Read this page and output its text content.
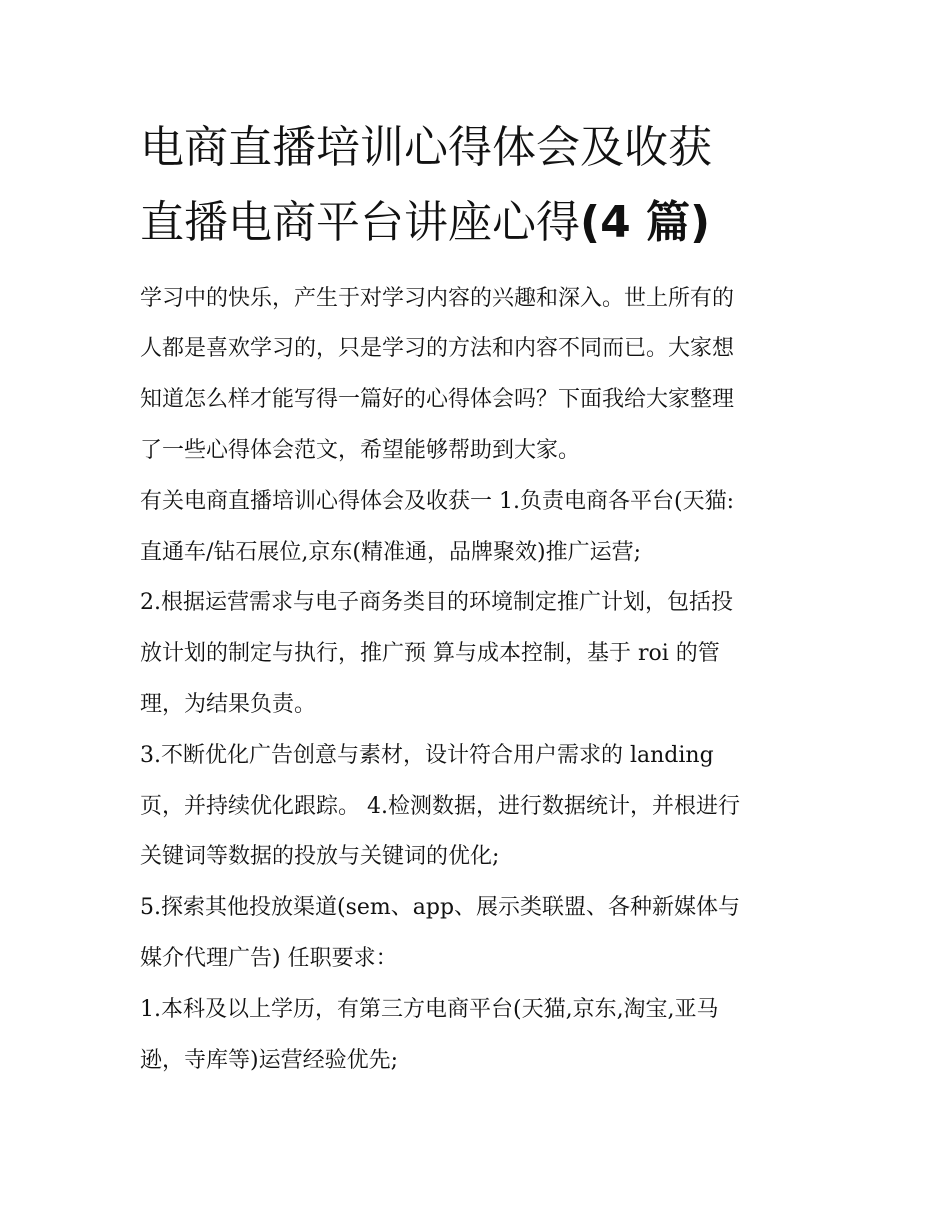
电商直播培训心得体会及收获
直播电商平台讲座心得(4 篇)
学习中的快乐，产生于对学习内容的兴趣和深入。世上所有的
人都是喜欢学习的，只是学习的方法和内容不同而已。大家想
知道怎么样才能写得一篇好的心得体会吗？下面我给大家整理
了一些心得体会范文，希望能够帮助到大家。
有关电商直播培训心得体会及收获一 1.负责电商各平台(天猫:
直通车/钻石展位,京东(精准通，品牌聚效)推广运营;
2.根据运营需求与电子商务类目的环境制定推广计划，包括投
放计划的制定与执行，推广预 算与成本控制，基于 roi 的管
理，为结果负责。
3.不断优化广告创意与素材，设计符合用户需求的 landing
页，并持续优化跟踪。 4.检测数据，进行数据统计，并根进行
关键词等数据的投放与关键词的优化;
5.探索其他投放渠道(sem、app、展示类联盟、各种新媒体与
媒介代理广告) 任职要求：
1.本科及以上学历，有第三方电商平台(天猫,京东,淘宝,亚马
逊，寺库等)运营经验优先;
